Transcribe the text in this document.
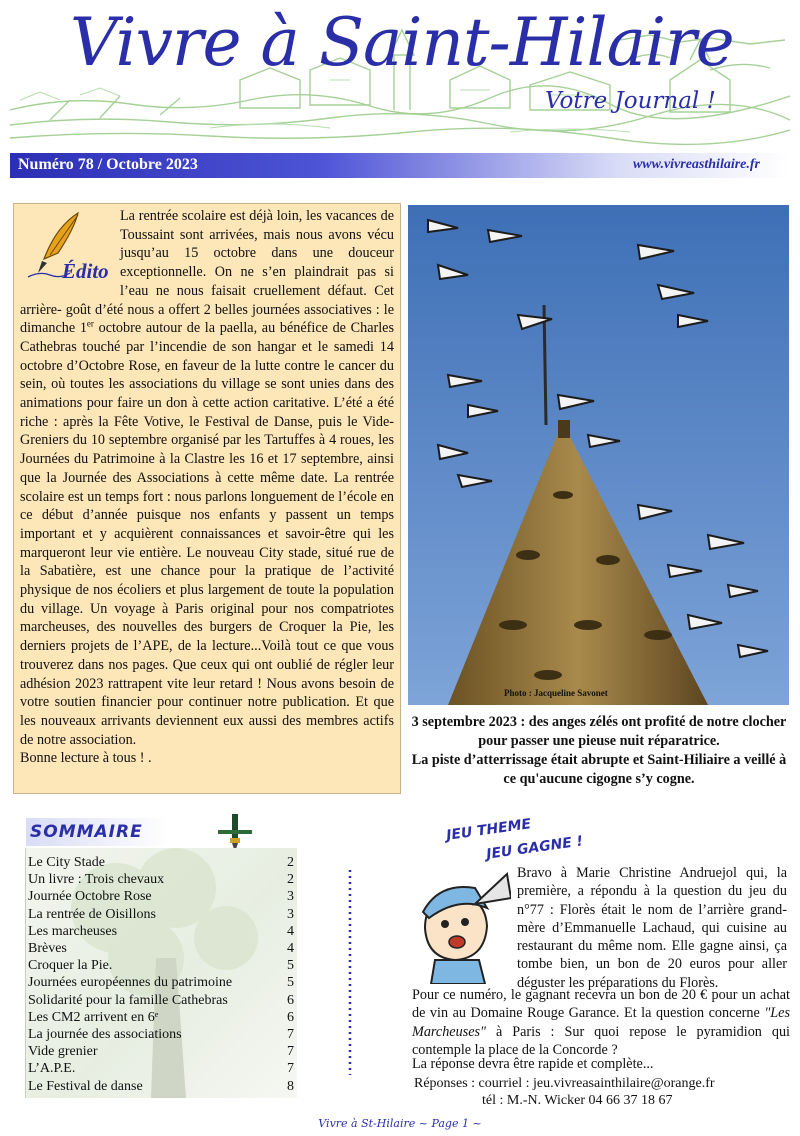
Vivre à Saint-Hilaire
Votre Journal !
Numéro 78 / Octobre 2023	www.vivreasthilaire.fr
Édito
La rentrée scolaire est déjà loin, les vacances de Toussaint sont arrivées, mais nous avons vécu jusqu’au 15 octobre dans une douceur exceptionnelle. On ne s’en plaindrait pas si l’eau ne nous faisait cruellement défaut. Cet arrière- goût d’été nous a offert 2 belles journées associatives : le dimanche 1er octobre autour de la paella, au bénéfice de Charles Cathebras touché par l’incendie de son hangar et le samedi 14 octobre d’Octobre Rose, en faveur de la lutte contre le cancer du sein, où toutes les associations du village se sont unies dans des animations pour faire un don à cette action caritative. L’été a été riche : après la Fête Votive, le Festival de Danse, puis le Vide-Greniers du 10 septembre organisé par les Tartuffes à 4 roues, les Journées du Patrimoine à la Clastre les 16 et 17 septembre, ainsi que la Journée des Associations à cette même date. La rentrée scolaire est un temps fort : nous parlons longuement de l’école en ce début d’année puisque nos enfants y passent un temps important et y acquièrent connaissances et savoir-être qui les marqueront leur vie entière. Le nouveau City stade, situé rue de la Sabatière, est une chance pour la pratique de l’activité physique de nos écoliers et plus largement de toute la population du village. Un voyage à Paris original pour nos compatriotes marcheuses, des nouvelles des burgers de Croquer la Pie, les derniers projets de l’APE, de la lecture...Voilà tout ce que vous trouverez dans nos pages. Que ceux qui ont oublié de régler leur adhésion 2023 rattrapent vite leur retard ! Nous avons besoin de votre soutien financier pour continuer notre publication. Et que les nouveaux arrivants deviennent eux aussi des membres actifs de notre association.
Bonne lecture à tous ! .
Photo : Jacqueline Savonet
3 septembre 2023 : des anges zélés ont profité de notre clocher pour passer une pieuse nuit réparatrice.
La piste d’atterrissage était abrupte et Saint-Hiliaire a veillé à ce qu'aucune cigogne s’y cogne.
SOMMAIRE
Le City Stade	2
Un livre : Trois chevaux	2
Journée Octobre Rose	3
La rentrée de Oisillons	3
Les marcheuses	4
Brèves	4
Croquer la Pie.	5
Journées européennes du patrimoine	5
Solidarité pour la famille Cathebras	6
Les CM2 arrivent en 6ᵉ	6
La journée des associations	7
Vide grenier	7
L’A.P.E.	7
Le Festival de danse	8
JEU THEME
JEU GAGNE !
Bravo à Marie Christine Andruejol qui, la première, a répondu à la question du jeu du n°77 : Florès était le nom de l’arrière grand-mère d’Emmanuelle Lachaud, qui cuisine au restaurant du même nom. Elle gagne ainsi, ça tombe bien, un bon de 20 euros pour aller déguster les préparations du Florès.
Pour ce numéro, le gagnant recevra un bon de 20 € pour un achat de vin au Domaine Rouge Garance. Et la question concerne "Les Marcheuses" à Paris : Sur quoi repose le pyramidion qui contemple la place de la Concorde ?
La réponse devra être rapide et complète...
Réponses : courriel : jeu.vivreasainthilaire@orange.fr
tél : M.-N. Wicker 04 66 37 18 67
Vivre à St-Hilaire ~ Page 1 ~
